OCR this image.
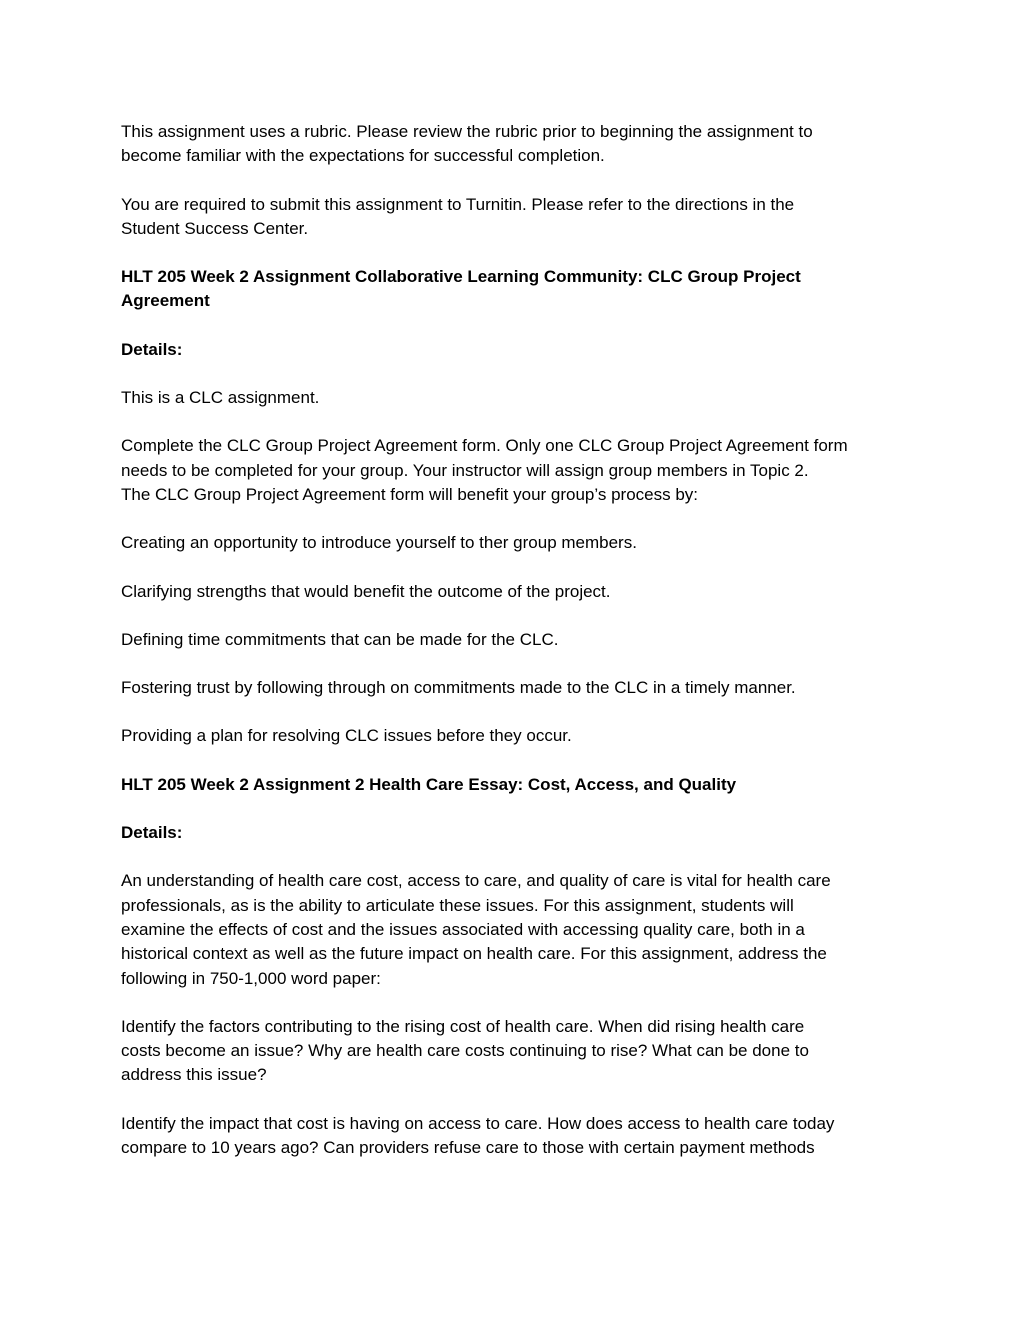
This assignment uses a rubric. Please review the rubric prior to beginning the assignment to
become familiar with the expectations for successful completion.
You are required to submit this assignment to Turnitin. Please refer to the directions in the
Student Success Center.
HLT 205 Week 2 Assignment Collaborative Learning Community: CLC Group Project
Agreement
Details:
This is a CLC assignment.
Complete the CLC Group Project Agreement form. Only one CLC Group Project Agreement form
needs to be completed for your group. Your instructor will assign group members in Topic 2.
The CLC Group Project Agreement form will benefit your group’s process by:
Creating an opportunity to introduce yourself to ther group members.
Clarifying strengths that would benefit the outcome of the project.
Defining time commitments that can be made for the CLC.
Fostering trust by following through on commitments made to the CLC in a timely manner.
Providing a plan for resolving CLC issues before they occur.
HLT 205 Week 2 Assignment 2 Health Care Essay: Cost, Access, and Quality
Details:
An understanding of health care cost, access to care, and quality of care is vital for health care
professionals, as is the ability to articulate these issues. For this assignment, students will
examine the effects of cost and the issues associated with accessing quality care, both in a
historical context as well as the future impact on health care. For this assignment, address the
following in 750-1,000 word paper:
Identify the factors contributing to the rising cost of health care. When did rising health care
costs become an issue? Why are health care costs continuing to rise? What can be done to
address this issue?
Identify the impact that cost is having on access to care. How does access to health care today
compare to 10 years ago? Can providers refuse care to those with certain payment methods
